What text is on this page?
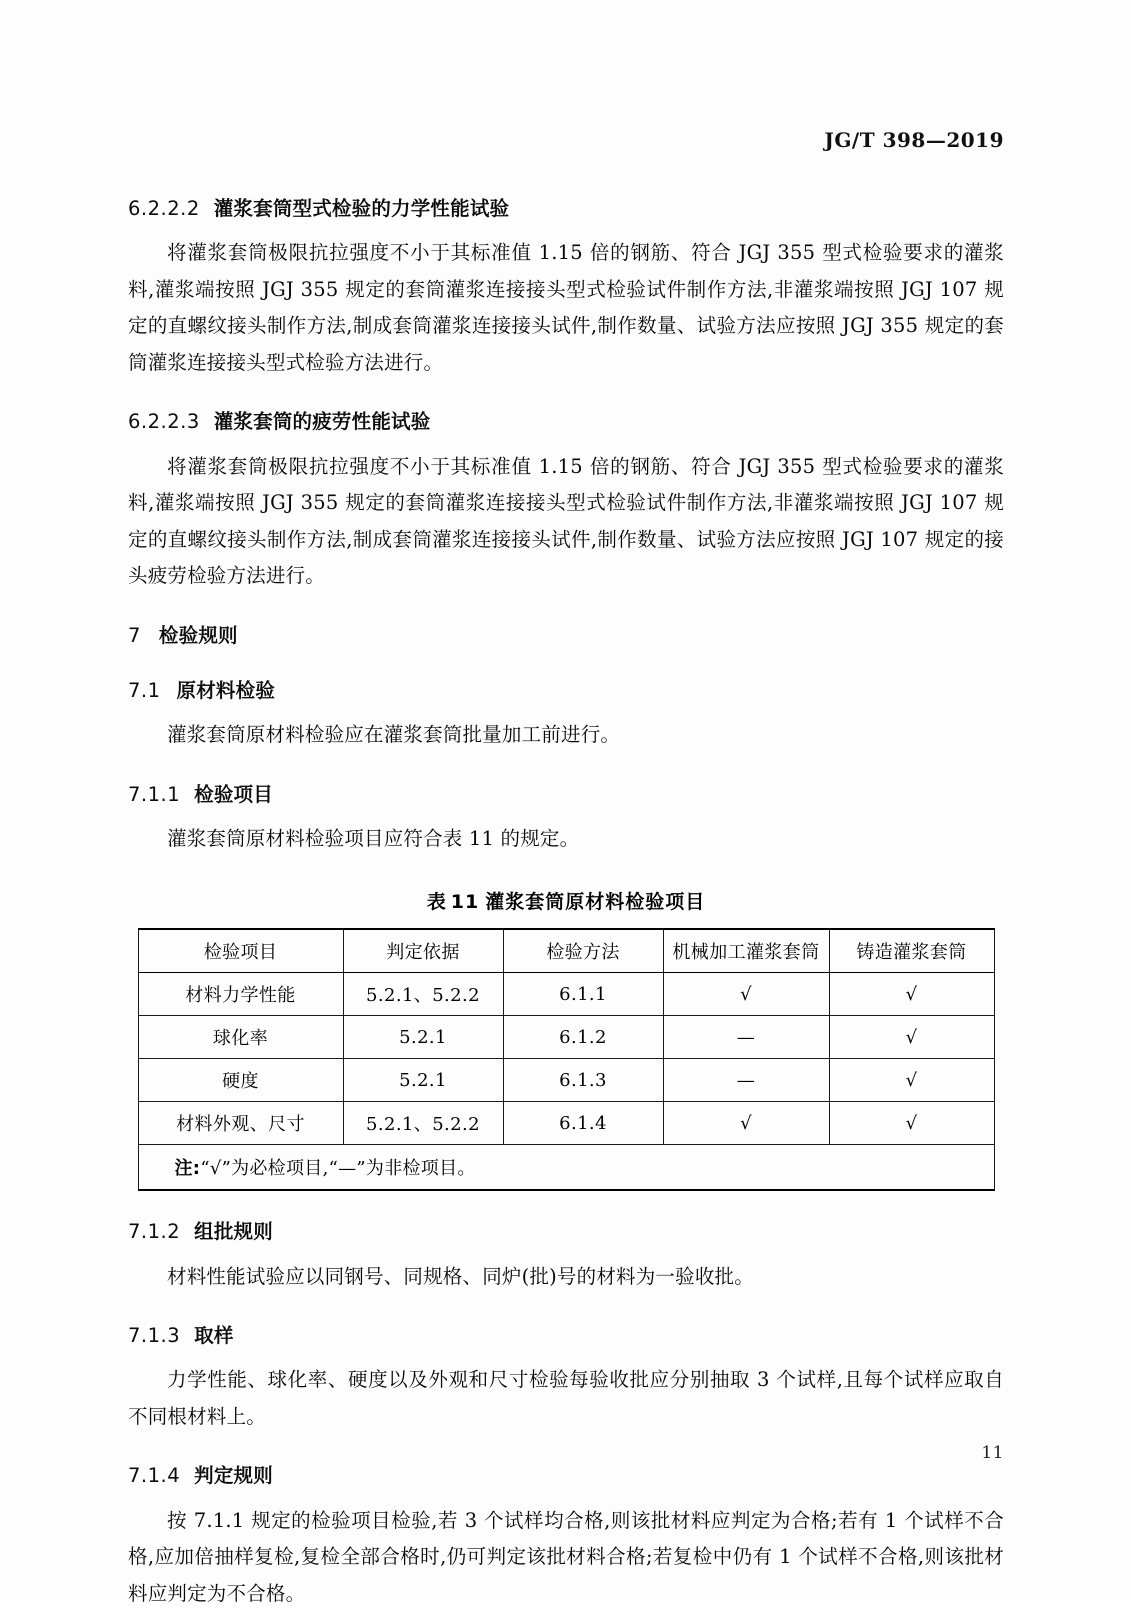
JG/T 398—2019
6.2.2.2 灌浆套筒型式检验的力学性能试验

将灌浆套筒极限抗拉强度不小于其标准值 1.15 倍的钢筋、符合 JGJ 355 型式检验要求的灌浆料,灌浆端按照 JGJ 355 规定的套筒灌浆连接接头型式检验试件制作方法,非灌浆端按照 JGJ 107 规定的直螺纹接头制作方法,制成套筒灌浆连接接头试件,制作数量、试验方法应按照 JGJ 355 规定的套筒灌浆连接接头型式检验方法进行。

6.2.2.3 灌浆套筒的疲劳性能试验

将灌浆套筒极限抗拉强度不小于其标准值 1.15 倍的钢筋、符合 JGJ 355 型式检验要求的灌浆料,灌浆端按照 JGJ 355 规定的套筒灌浆连接接头型式检验试件制作方法,非灌浆端按照 JGJ 107 规定的直螺纹接头制作方法,制成套筒灌浆连接接头试件,制作数量、试验方法应按照 JGJ 107 规定的接头疲劳检验方法进行。

7 检验规则
7.1 原材料检验

灌浆套筒原材料检验应在灌浆套筒批量加工前进行。

7.1.1 检验项目

灌浆套筒原材料检验项目应符合表 11 的规定。

表 11 灌浆套筒原材料检验项目
检验项目	判定依据	检验方法	机械加工灌浆套筒	铸造灌浆套筒
材料力学性能	5.2.1、5.2.2	6.1.1	√	√
球化率	5.2.1	6.1.2	—	√
硬度	5.2.1	6.1.3	—	√
材料外观、尺寸	5.2.1、5.2.2	6.1.4	√	√
注:“√”为必检项目,“—”为非检项目。				
7.1.2 组批规则

材料性能试验应以同钢号、同规格、同炉(批)号的材料为一验收批。

7.1.3 取样

力学性能、球化率、硬度以及外观和尺寸检验每验收批应分别抽取 3 个试样,且每个试样应取自不同根材料上。

7.1.4 判定规则

按 7.1.1 规定的检验项目检验,若 3 个试样均合格,则该批材料应判定为合格;若有 1 个试样不合格,应加倍抽样复检,复检全部合格时,仍可判定该批材料合格;若复检中仍有 1 个试样不合格,则该批材料应判定为不合格。

11
